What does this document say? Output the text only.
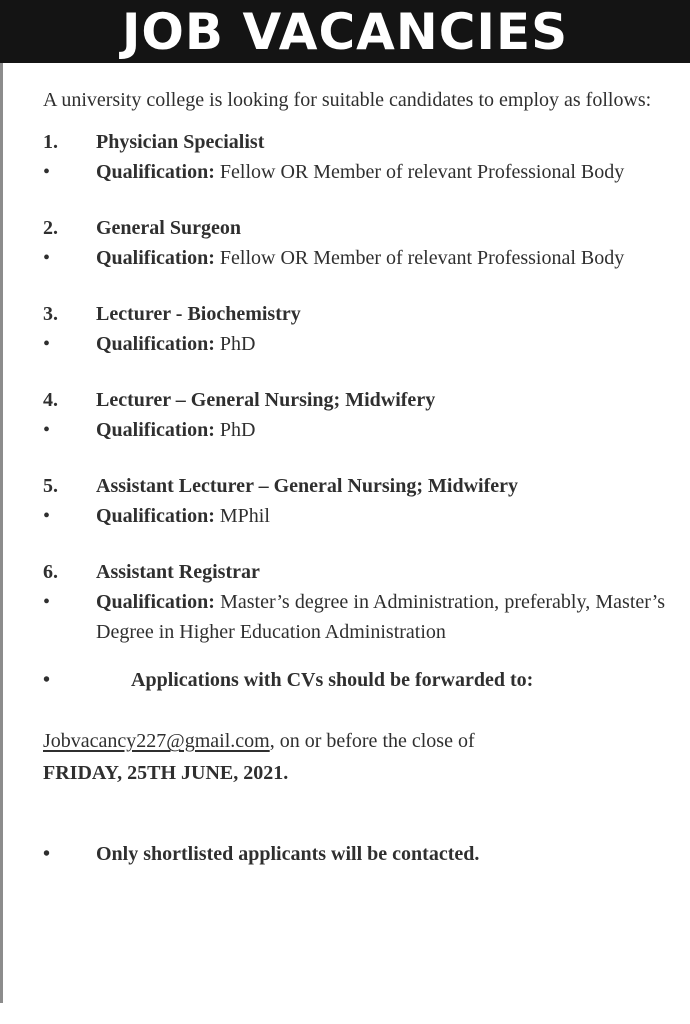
JOB VACANCIES

A university college is looking for suitable candidates to employ as follows:

1.	Physician Specialist
•	Qualification: Fellow OR Member of relevant Professional Body

2.	General Surgeon
•	Qualification: Fellow OR Member of relevant Professional Body

3.	Lecturer - Biochemistry
•	Qualification: PhD

4.	Lecturer – General Nursing; Midwifery
•	Qualification: PhD

5.	Assistant Lecturer – General Nursing; Midwifery
•	Qualification: MPhil

6.	Assistant Registrar
•	Qualification: Master’s degree in Administration, preferably, Master’s Degree in Higher Education Administration

•	Applications with CVs should be forwarded to:

Jobvacancy227@gmail.com, on or before the close of
FRIDAY, 25TH JUNE, 2021.

•	Only shortlisted applicants will be contacted.
